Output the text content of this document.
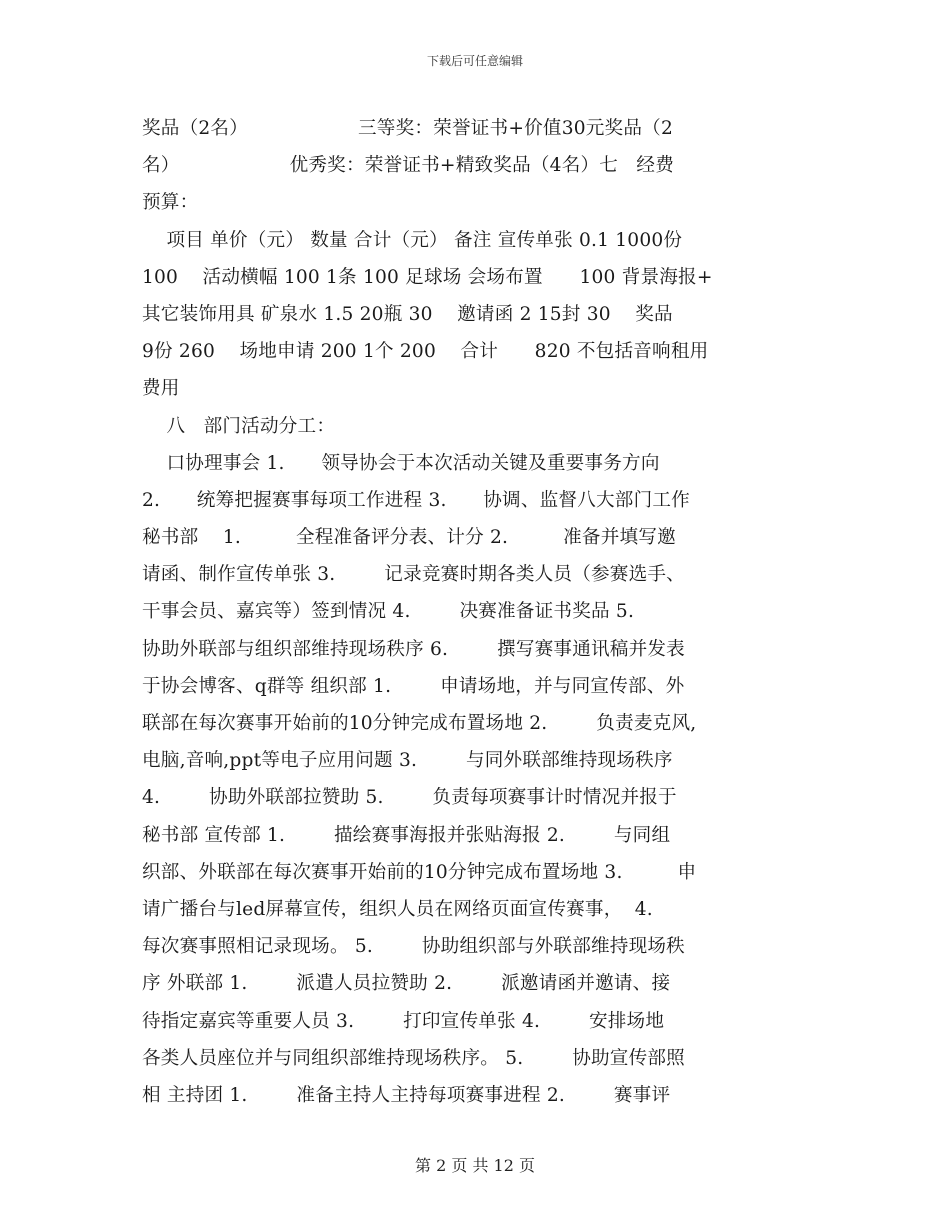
下载后可任意编辑
奖品（2名）                  三等奖：荣誉证书+价值30元奖品（2
名）                  优秀奖：荣誉证书+精致奖品（4名）七   经费
预算：
项目 单价（元） 数量 合计（元） 备注 宣传单张 0.1 1000份
100    活动横幅 100 1条 100 足球场 会场布置      100 背景海报+
其它装饰用具 矿泉水 1.5 20瓶 30    邀请函 2 15封 30    奖品
9份 260    场地申请 200 1个 200    合计      820 不包括音响租用
费用
八   部门活动分工：
口协理事会 1.      领导协会于本次活动关键及重要事务方向
2.      统筹把握赛事每项工作进程 3.      协调、监督八大部门工作
秘书部    1.         全程准备评分表、计分 2.         准备并填写邀
请函、制作宣传单张 3.        记录竞赛时期各类人员（参赛选手、
干事会员、嘉宾等）签到情况 4.        决赛准备证书奖品 5.
协助外联部与组织部维持现场秩序 6.        撰写赛事通讯稿并发表
于协会博客、q群等 组织部 1.        申请场地，并与同宣传部、外
联部在每次赛事开始前的10分钟完成布置场地 2.        负责麦克风,
电脑,音响,ppt等电子应用问题 3.        与同外联部维持现场秩序
4.        协助外联部拉赞助 5.        负责每项赛事计时情况并报于
秘书部 宣传部 1.        描绘赛事海报并张贴海报 2.        与同组
织部、外联部在每次赛事开始前的10分钟完成布置场地 3.         申
请广播台与led屏幕宣传，组织人员在网络页面宣传赛事，  4.
每次赛事照相记录现场。 5.        协助组织部与外联部维持现场秩
序 外联部 1.        派遣人员拉赞助 2.        派邀请函并邀请、接
待指定嘉宾等重要人员 3.        打印宣传单张 4.        安排场地
各类人员座位并与同组织部维持现场秩序。 5.        协助宣传部照
相 主持团 1.        准备主持人主持每项赛事进程 2.        赛事评
第 2 页 共 12 页
